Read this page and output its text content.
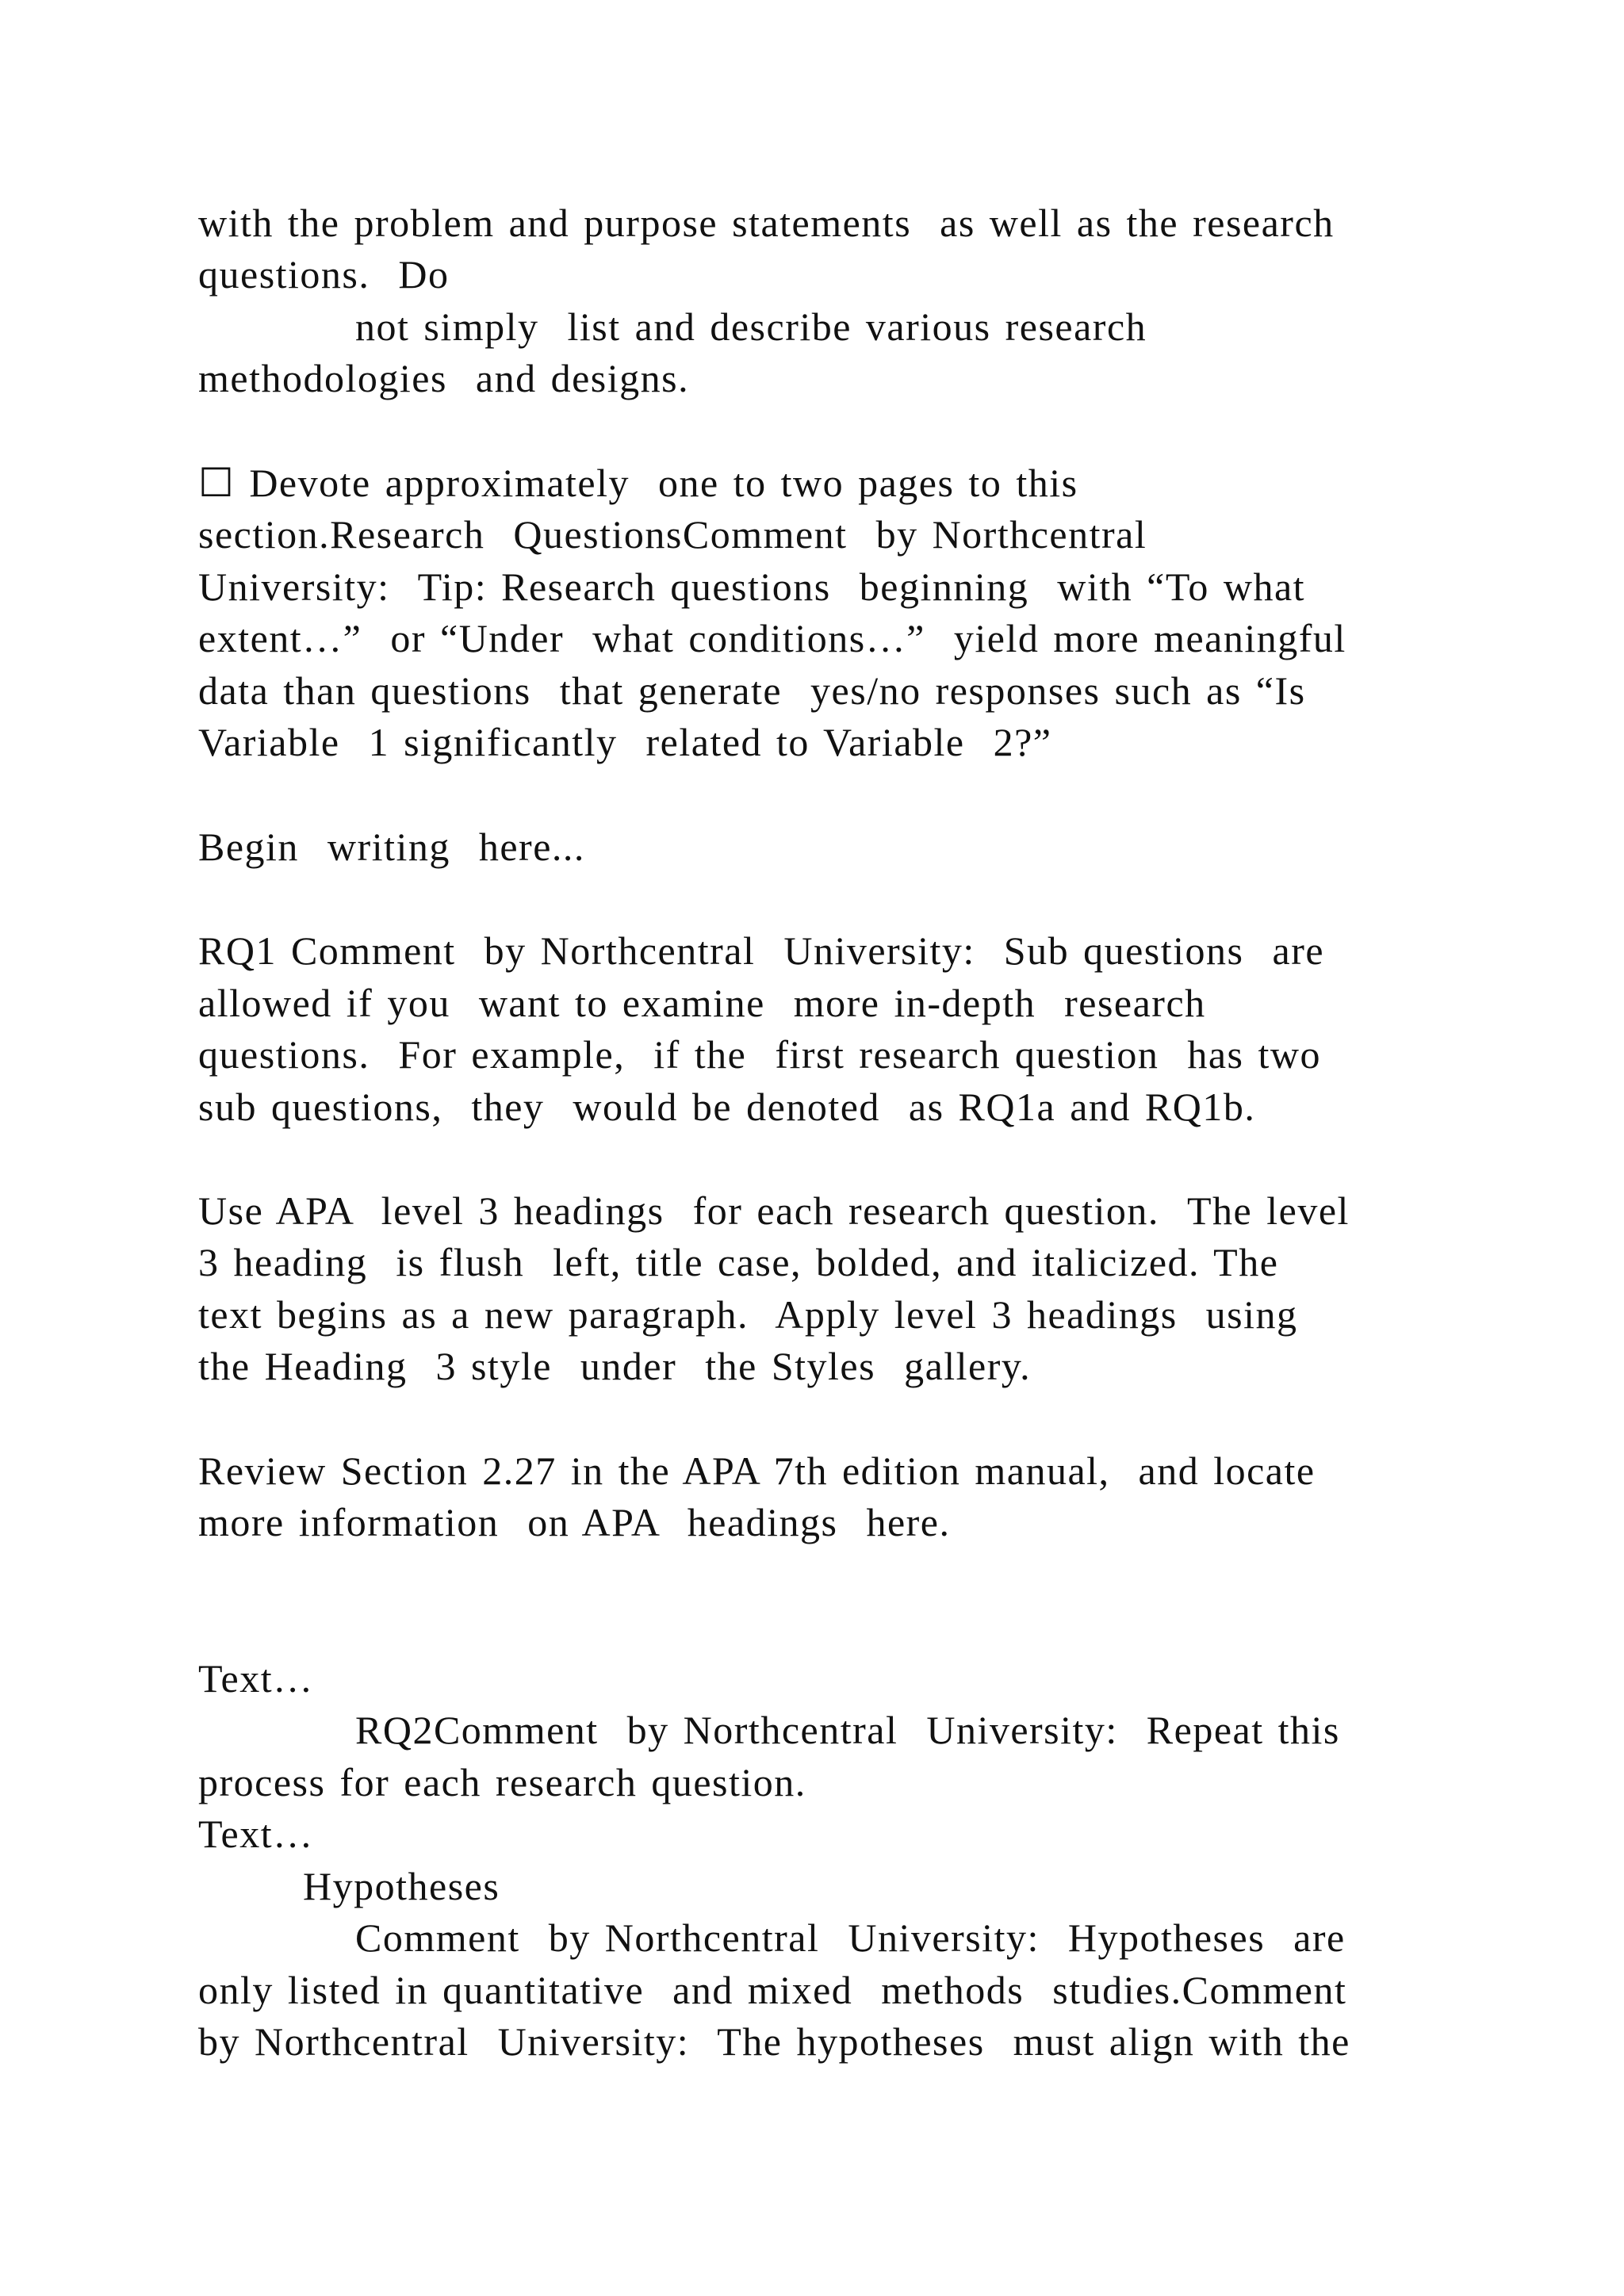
with the problem and purpose statements  as well as the research

questions.  Do

not simply  list and describe various research

methodologies  and designs.

☐ Devote approximately  one to two pages to this

section.Research  QuestionsComment  by Northcentral

University:  Tip: Research questions  beginning  with “To what

extent…”  or “Under  what conditions…”  yield more meaningful

data than questions  that generate  yes/no responses such as “Is

Variable  1 significantly  related to Variable  2?”

Begin  writing  here...

RQ1 Comment  by Northcentral  University:  Sub questions  are

allowed if you  want to examine  more in-depth  research

questions.  For example,  if the  first research question  has two

sub questions,  they  would be denoted  as RQ1a and RQ1b.

Use APA  level 3 headings  for each research question.  The level

3 heading  is flush  left, title case, bolded, and italicized. The

text begins as a new paragraph.  Apply level 3 headings  using

the Heading  3 style  under  the Styles  gallery.

Review Section 2.27 in the APA 7th edition manual,  and locate

more information  on APA  headings  here.

Text…

RQ2Comment  by Northcentral  University:  Repeat this

process for each research question.

Text…

Hypotheses

Comment  by Northcentral  University:  Hypotheses  are

only listed in quantitative  and mixed  methods  studies.Comment

by Northcentral  University:  The hypotheses  must align with the
